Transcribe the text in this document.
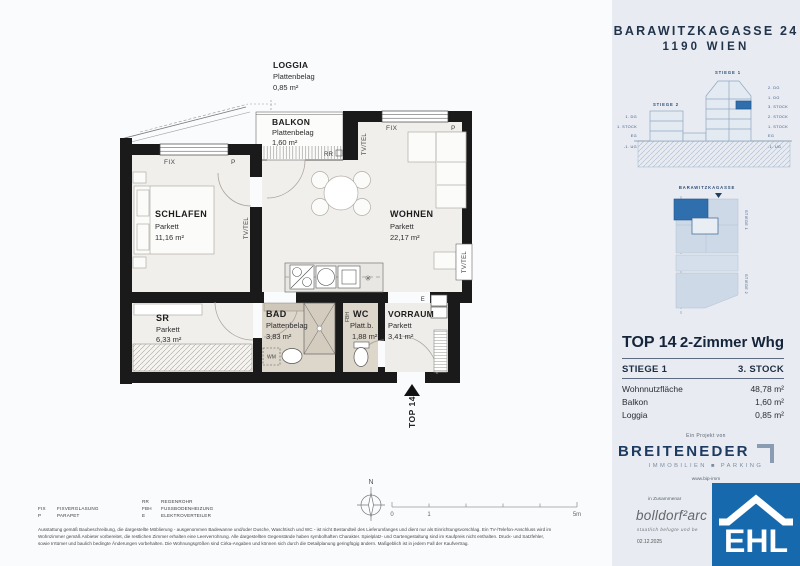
✳
LOGGIA
Plattenbelag
0,85 m²
BALKON
Plattenbelag
1,60 m²
SCHLAFEN
Parkett
11,16 m²
WOHNEN
Parkett
22,17 m²
SR
Parkett
6,33 m²
BAD
Plattenbelag
3,83 m²
WC
Platt.b.
1,88 m²
VORRAUM
Parkett
3,41 m²
FIX	P
FIX	P
RR
TV/TEL
TV/TEL
TV/TEL
FBH
WM
E
TOP 14
N
0	1	5m
FIX FIXVERGLASUNG
P	PARAPET
RR	REGENROHR
FBH FUSSBODENHEIZUNG
E	ELEKTROVERTEILER
Ausstattung gemäß Baubeschreibung, die dargestellte Möblierung - ausgenommen Badewanne und/oder Dusche, Waschtisch und WC - ist nicht Bestandteil des Lieferumfanges und dient nur als Einrichtungsvorschlag. Ein TV-/Telefon-Anschluss wird im
Wohnzimmer gemäß Anbieter vorbereitet, die restlichen Zimmer erhalten eine Leerverrohrung. Alle dargestellten Gegenstände haben symbolhaften Charakter. Spielplatz- und Gartengestaltung sind im Kaufpreis nicht enthalten. Druck- und Satzfehler,
sowie Irrtümer und baulich bedingte Änderungen vorbehalten. Die Wohnungsgrößen sind Cirka-Angaben und können sich durch die Detailplanung geringfügig ändern. Maßgeblich ist in jedem Fall der Kaufvertrag.
BARAWITZKAGASSE 24
1190 WIEN
STIEGE 2
STIEGE 1
1. DG
1. STOCK
EG
-1. UG
2. DG
1. DG
3. STOCK
2. STOCK
1. STOCK
EG
-1. UG
BARAWITZKAGASSE
STIEGE 1
STIEGE 2
TOP 14 2-Zimmer Whg
STIEGE 1	3. STOCK
Wohnnutzfläche	48,78 m²
Balkon	1,60 m²
Loggia	0,85 m²
Ein Projekt von
BREITENEDER
IMMOBILIEN ■ PARKING
www.bip-imm
in Zusammenar
bolldorf²arc
staatlich befugte und be
02.12.2025	EHL
